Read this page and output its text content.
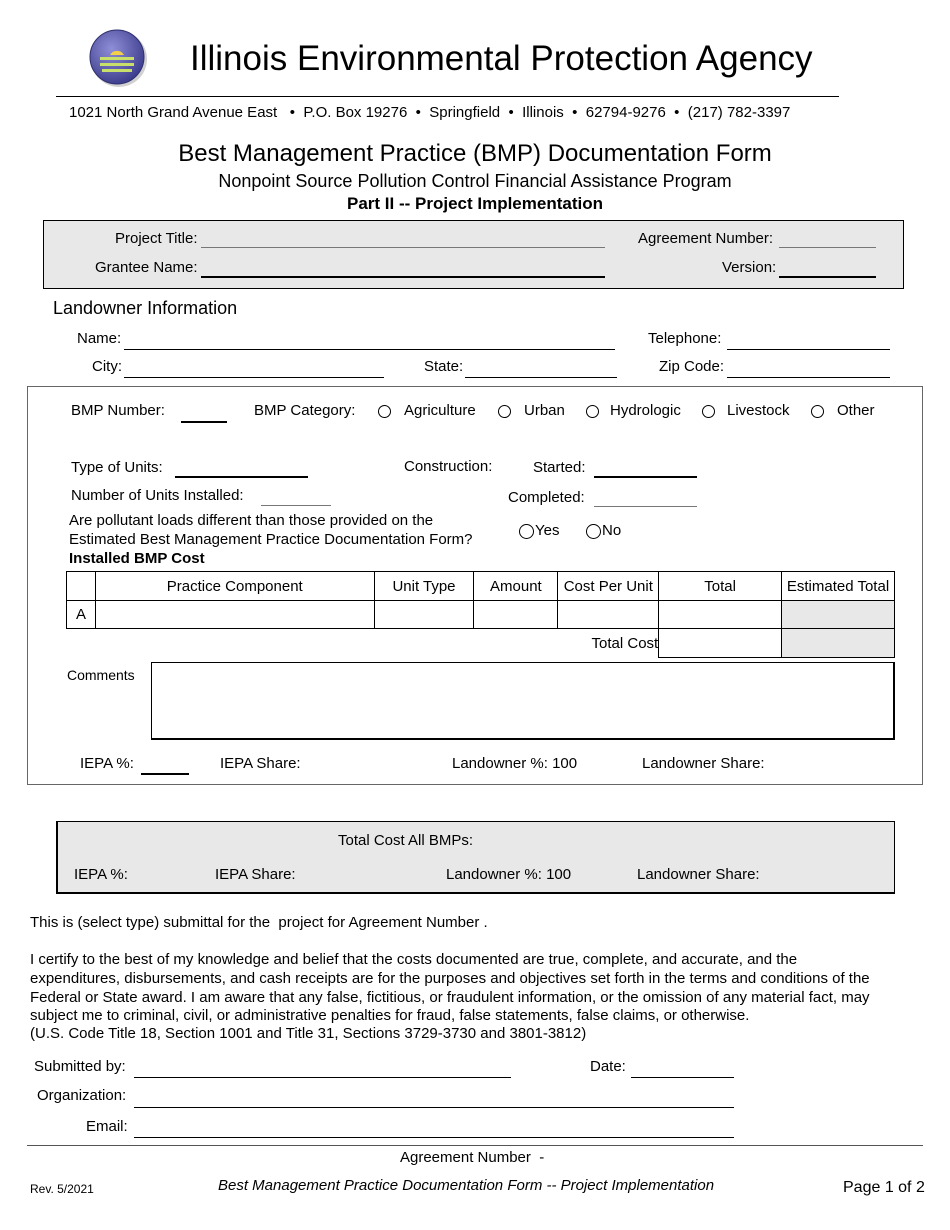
Illinois Environmental Protection Agency
1021 North Grand Avenue East • P.O. Box 19276 • Springfield • Illinois • 62794-9276 • (217) 782-3397
Best Management Practice (BMP) Documentation Form
Nonpoint Source Pollution Control Financial Assistance Program
Part II -- Project Implementation
Project Title:
Grantee Name:
Agreement Number:
Version:
Landowner Information
Name:	Telephone:
City:	State:	Zip Code:
BMP Number:	BMP Category:	Agriculture	Urban	Hydrologic	Livestock	Other
Type of Units:	Construction:	Started:
Number of Units Installed:	Completed:
Are pollutant loads different than those provided on the
Estimated Best Management Practice Documentation Form?
Yes	No
Installed BMP Cost
	Practice Component	Unit Type	Amount	Cost Per Unit	Total	Estimated Total
A						
Total Cost						
Comments
IEPA %:	IEPA Share:	Landowner %: 100	Landowner Share:
Total Cost All BMPs:
IEPA %:	IEPA Share:	Landowner %: 100	Landowner Share:
This is (select type) submittal for the  project for Agreement Number .
I certify to the best of my knowledge and belief that the costs documented are true, complete, and accurate, and the
expenditures, disbursements, and cash receipts are for the purposes and objectives set forth in the terms and conditions of the
Federal or State award. I am aware that any false, fictitious, or fraudulent information, or the omission of any material fact, may
subject me to criminal, civil, or administrative penalties for fraud, false statements, false claims, or otherwise.
(U.S. Code Title 18, Section 1001 and Title 31, Sections 3729-3730 and 3801-3812)
Submitted by:	Date:
Organization:
Email:
Agreement Number  -
Rev. 5/2021	Best Management Practice Documentation Form -- Project Implementation	Page 1 of 2
